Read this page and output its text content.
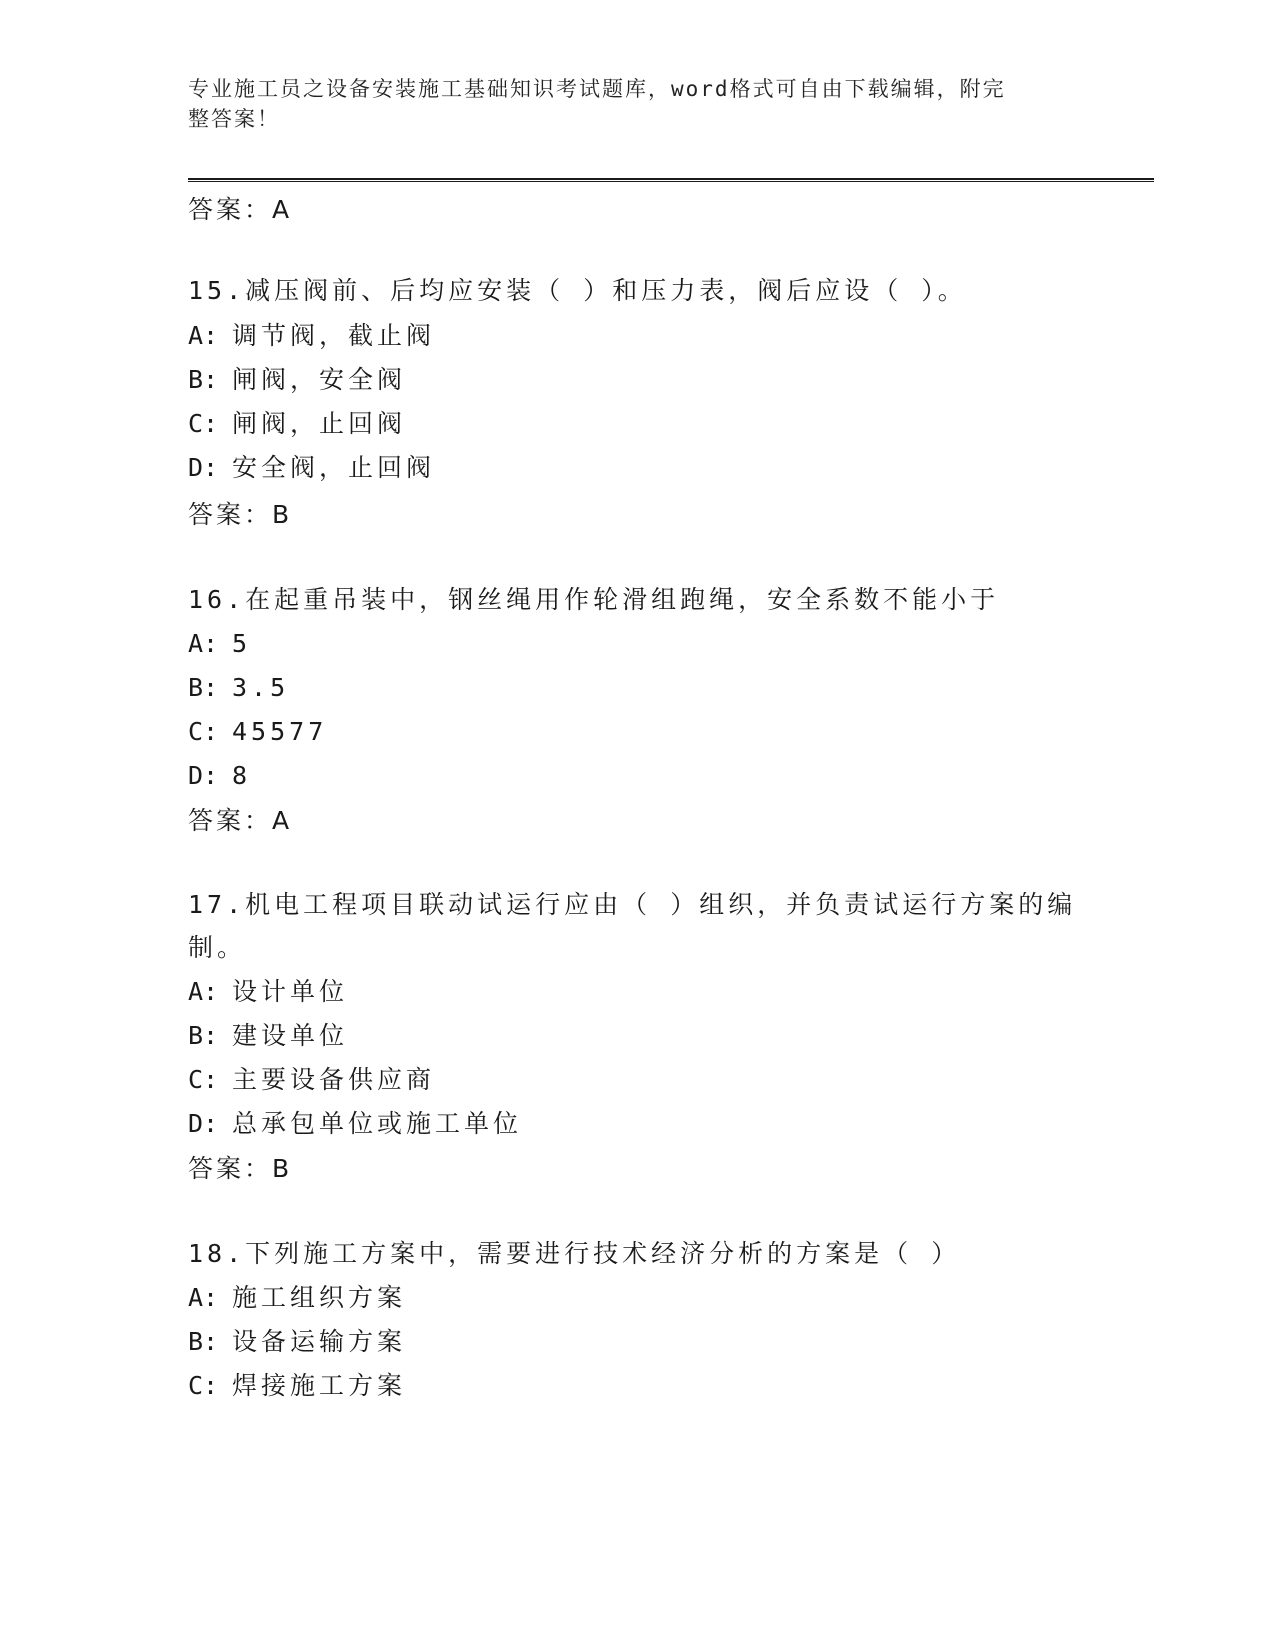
专业施工员之设备安装施工基础知识考试题库，word格式可自由下载编辑，附完
整答案！
答案：A
15.减压阀前、后均应安装（ ）和压力表，阀后应设（ ）。
A: 调节阀，截止阀
B: 闸阀，安全阀
C: 闸阀，止回阀
D: 安全阀，止回阀
答案：B
16.在起重吊装中，钢丝绳用作轮滑组跑绳，安全系数不能小于
A: 5
B: 3.5
C: 45577
D: 8
答案：A
17.机电工程项目联动试运行应由（ ）组织，并负责试运行方案的编
制。
A: 设计单位
B: 建设单位
C: 主要设备供应商
D: 总承包单位或施工单位
答案：B
18.下列施工方案中，需要进行技术经济分析的方案是（ ）
A: 施工组织方案
B: 设备运输方案
C: 焊接施工方案
